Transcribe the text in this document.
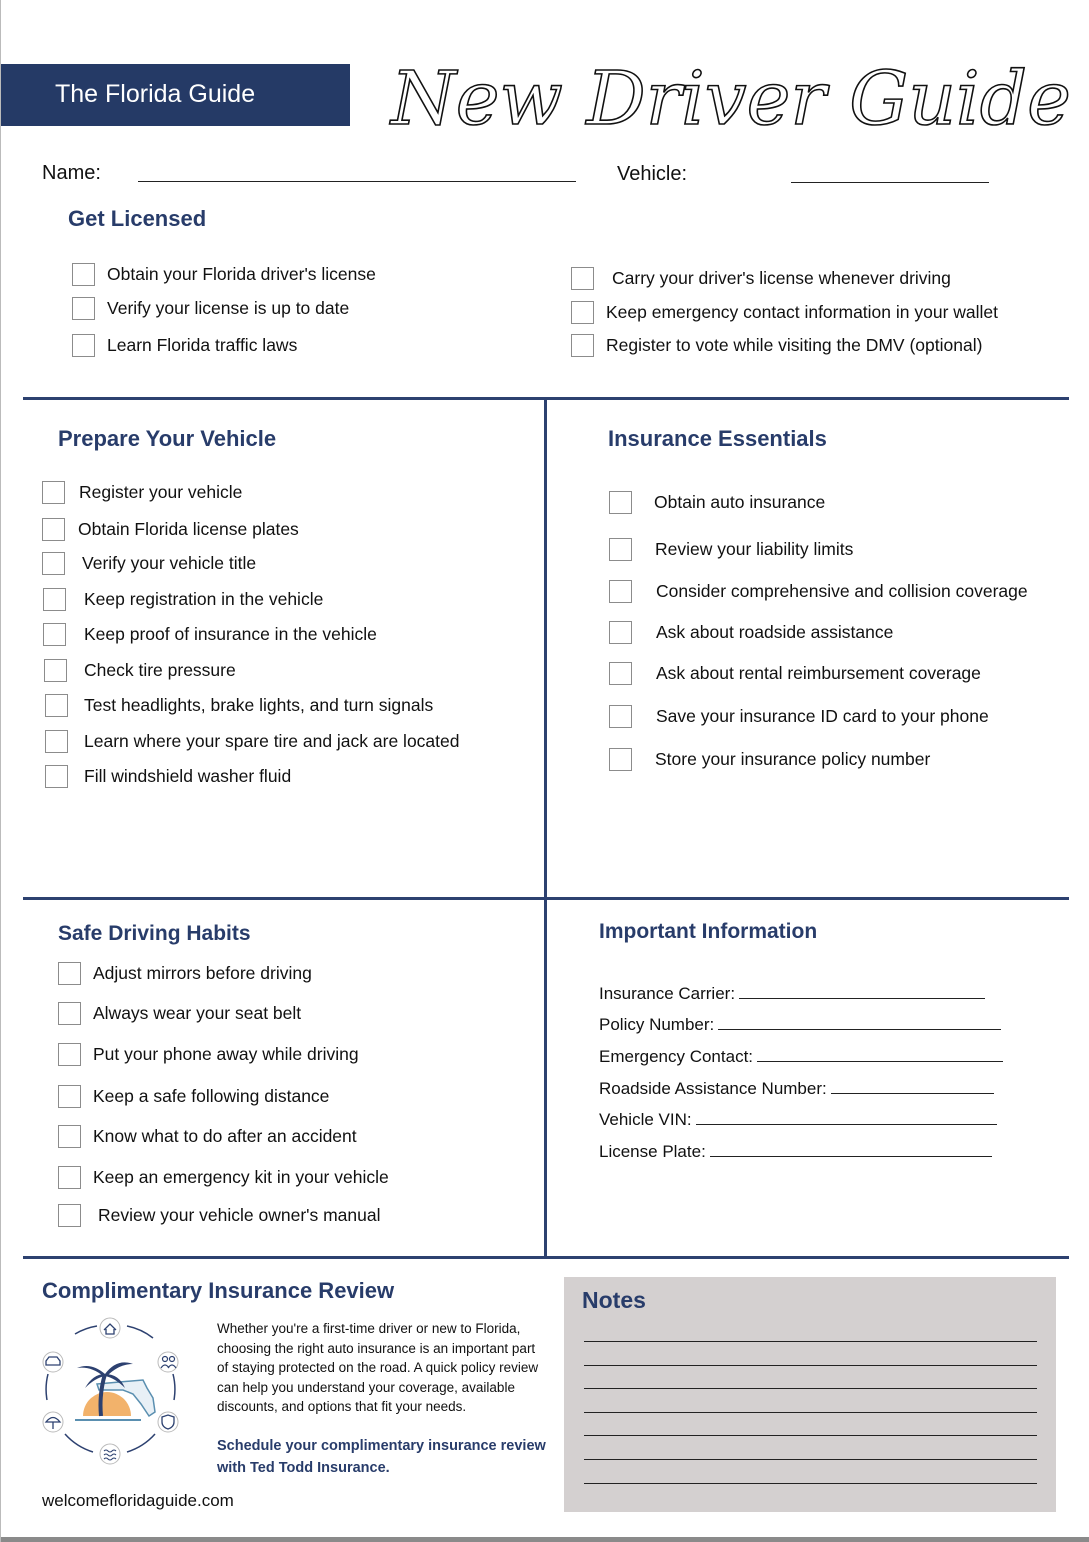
The Florida Guide New Driver Guide
Name:	Vehicle:
Get Licensed
Obtain your Florida driver's license
Verify your license is up to date
Learn Florida traffic laws
Carry your driver's license whenever driving
Keep emergency contact information in your wallet
Register to vote while visiting the DMV (optional)
Prepare Your Vehicle
Register your vehicle
Obtain Florida license plates
Verify your vehicle title
Keep registration in the vehicle
Keep proof of insurance in the vehicle
Check tire pressure
Test headlights, brake lights, and turn signals
Learn where your spare tire and jack are located
Fill windshield washer fluid
Insurance Essentials
Obtain auto insurance
Review your liability limits
Consider comprehensive and collision coverage
Ask about roadside assistance
Ask about rental reimbursement coverage
Save your insurance ID card to your phone
Store your insurance policy number
Safe Driving Habits
Adjust mirrors before driving
Always wear your seat belt
Put your phone away while driving
Keep a safe following distance
Know what to do after an accident
Keep an emergency kit in your vehicle
Review your vehicle owner's manual
Important Information
Insurance Carrier:
Policy Number:
Emergency Contact:
Roadside Assistance Number:
Vehicle VIN:
License Plate:
Complimentary Insurance Review
Whether you're a first-time driver or new to Florida, choosing the right auto insurance is an important part of staying protected on the road. A quick policy review can help you understand your coverage, available discounts, and options that fit your needs.
Schedule your complimentary insurance review with Ted Todd Insurance.
welcomefloridaguide.com
Notes
